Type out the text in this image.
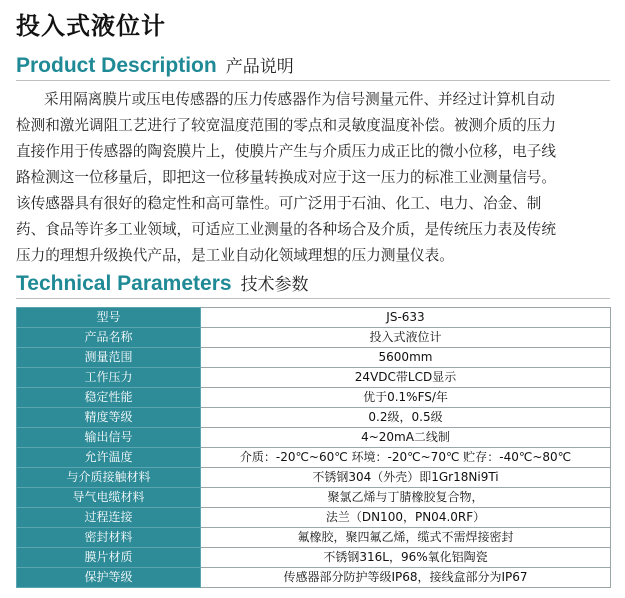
投入式液位计
Product Description 产品说明
采用隔离膜片或压电传感器的压力传感器作为信号测量元件、并经过计算机自动
检测和激光调阻工艺进行了较宽温度范围的零点和灵敏度温度补偿。被测介质的压力
直接作用于传感器的陶瓷膜片上，使膜片产生与介质压力成正比的微小位移，电子线
路检测这一位移量后，即把这一位移量转换成对应于这一压力的标准工业测量信号。
该传感器具有很好的稳定性和高可靠性。可广泛用于石油、化工、电力、冶金、制
药、食品等许多工业领域，可适应工业测量的各种场合及介质，是传统压力表及传统
压力的理想升级换代产品，是工业自动化领域理想的压力测量仪表。
Technical Parameters 技术参数
型号	JS-633
产品名称	投入式液位计
测量范围	5600mm
工作压力	24VDC带LCD显示
稳定性能	优于0.1%FS/年
精度等级	0.2级，0.5级
输出信号	4~20mA二线制
允许温度	介质：-20℃~60℃ 环境：-20℃~70℃ 贮存：-40℃~80℃
与介质接触材料	不锈钢304（外壳）即1Gr18Ni9Ti
导气电缆材料	聚氯乙烯与丁腈橡胶复合物，
过程连接	法兰（DN100，PN04.0RF）
密封材料	氟橡胶，聚四氟乙烯，缆式不需焊接密封
膜片材质	不锈钢316L，96%氧化铝陶瓷
保护等级	传感器部分防护等级IP68，接线盒部分为IP67
